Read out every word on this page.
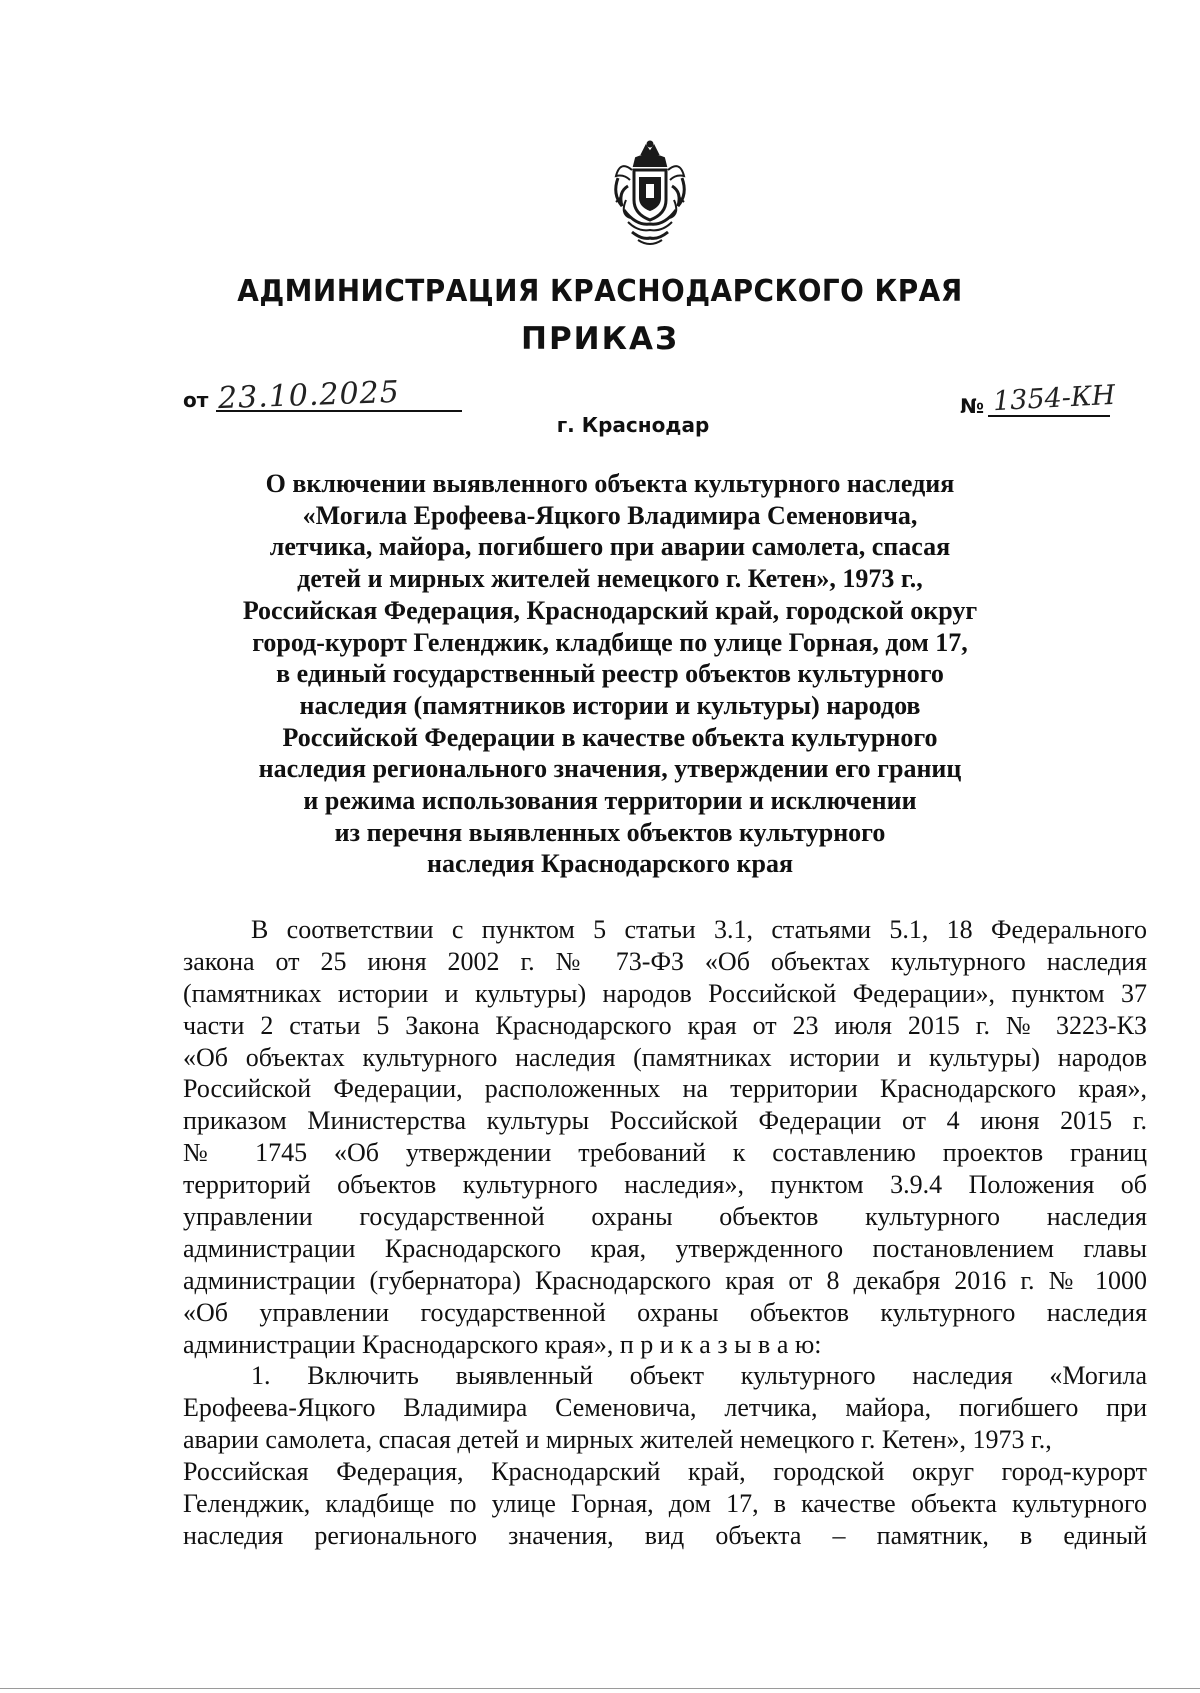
АДМИНИСТРАЦИЯ КРАСНОДАРСКОГО КРАЯ
ПРИКАЗ
от 23.10.2025	№ 1354-КН
г. Краснодар
О включении выявленного объекта культурного наследия
«Могила Ерофеева-Яцкого Владимира Семеновича,
летчика, майора, погибшего при аварии самолета, спасая
детей и мирных жителей немецкого г. Кетен», 1973 г.,
Российская Федерация, Краснодарский край, городской округ
город-курорт Геленджик, кладбище по улице Горная, дом 17,
в единый государственный реестр объектов культурного
наследия (памятников истории и культуры) народов
Российской Федерации в качестве объекта культурного
наследия регионального значения, утверждении его границ
и режима использования территории и исключении
из перечня выявленных объектов культурного
наследия Краснодарского края
В соответствии с пунктом 5 статьи 3.1, статьями 5.1, 18 Федерального
закона от 25 июня 2002 г. № 73-ФЗ «Об объектах культурного наследия
(памятниках истории и культуры) народов Российской Федерации», пунктом 37
части 2 статьи 5 Закона Краснодарского края от 23 июля 2015 г. № 3223-КЗ
«Об объектах культурного наследия (памятниках истории и культуры) народов
Российской Федерации, расположенных на территории Краснодарского края»,
приказом Министерства культуры Российской Федерации от 4 июня 2015 г.
№ 1745 «Об утверждении требований к составлению проектов границ
территорий объектов культурного наследия», пунктом 3.9.4 Положения об
управлении государственной охраны объектов культурного наследия
администрации Краснодарского края, утвержденного постановлением главы
администрации (губернатора) Краснодарского края от 8 декабря 2016 г. № 1000
«Об управлении государственной охраны объектов культурного наследия
администрации Краснодарского края», п р и к а з ы в а ю:
1. Включить выявленный объект культурного наследия «Могила
Ерофеева-Яцкого Владимира Семеновича, летчика, майора, погибшего при
аварии самолета, спасая детей и мирных жителей немецкого г. Кетен», 1973 г.,
Российская Федерация, Краснодарский край, городской округ город-курорт
Геленджик, кладбище по улице Горная, дом 17, в качестве объекта культурного
наследия регионального значения, вид объекта – памятник, в единый
